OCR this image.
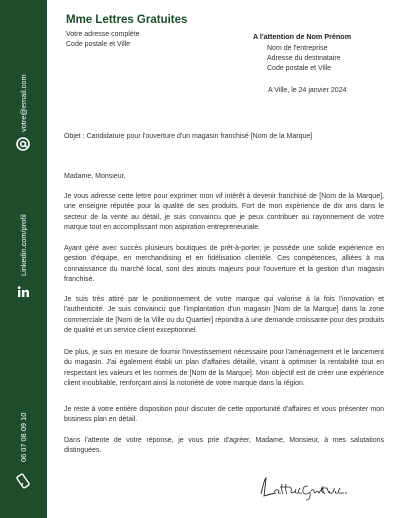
votre@email.com
Linkedin.com/profil
06 07 08 09 10
Mme Lettres Gratuites
Votre adresse complète
Code postale et Ville
A l'attention de Nom Prénom
Nom de l'entreprise
Adresse du destinataire
Code postale et Ville
A Ville, le 24 janvier 2024
Objet : Candidature pour l'ouverture d'un magasin franchisé [Nom de la Marque]
Madame, Monsieur,
Je vous adresse cette lettre pour exprimer mon vif intérêt à devenir franchisé de [Nom de la Marque], une enseigne réputée pour la qualité de ses produits. Fort de mon expérience de dix ans dans le secteur de la vente au détail, je suis convaincu que je peux contribuer au rayonnement de votre marque tout en accomplissant mon aspiration entrepreneuriale.
Ayant géré avec succès plusieurs boutiques de prêt-à-porter, je possède une solide expérience en gestion d'équipe, en merchandising et en fidélisation clientèle. Ces compétences, alliées à ma connaissance du marché local, sont des atouts majeurs pour l'ouverture et la gestion d'un magasin franchisé.
Je suis très attiré par le positionnement de votre marque qui valorise à la fois l'innovation et l'authenticité. Je suis convaincu que l'implantation d'un magasin [Nom de la Marque] dans la zone commerciale de [Nom de la Ville ou du Quartier] répondra à une demande croissante pour des produits de qualité et un service client exceptionnel.
De plus, je suis en mesure de fournir l'investissement nécessaire pour l'aménagement et le lancement du magasin. J'ai également établi un plan d'affaires détaillé, visant à optimiser la rentabilité tout en respectant les valeurs et les normes de [Nom de la Marque]. Mon objectif est de créer une expérience client inoubliable, renforçant ainsi la notoriété de votre marque dans la région.
Je reste à votre entière disposition pour discuter de cette opportunité d'affaires et vous présenter mon business plan en détail.
Dans l'attente de votre réponse, je vous prie d'agréer, Madame, Monsieur, à mes salutations distinguées.
